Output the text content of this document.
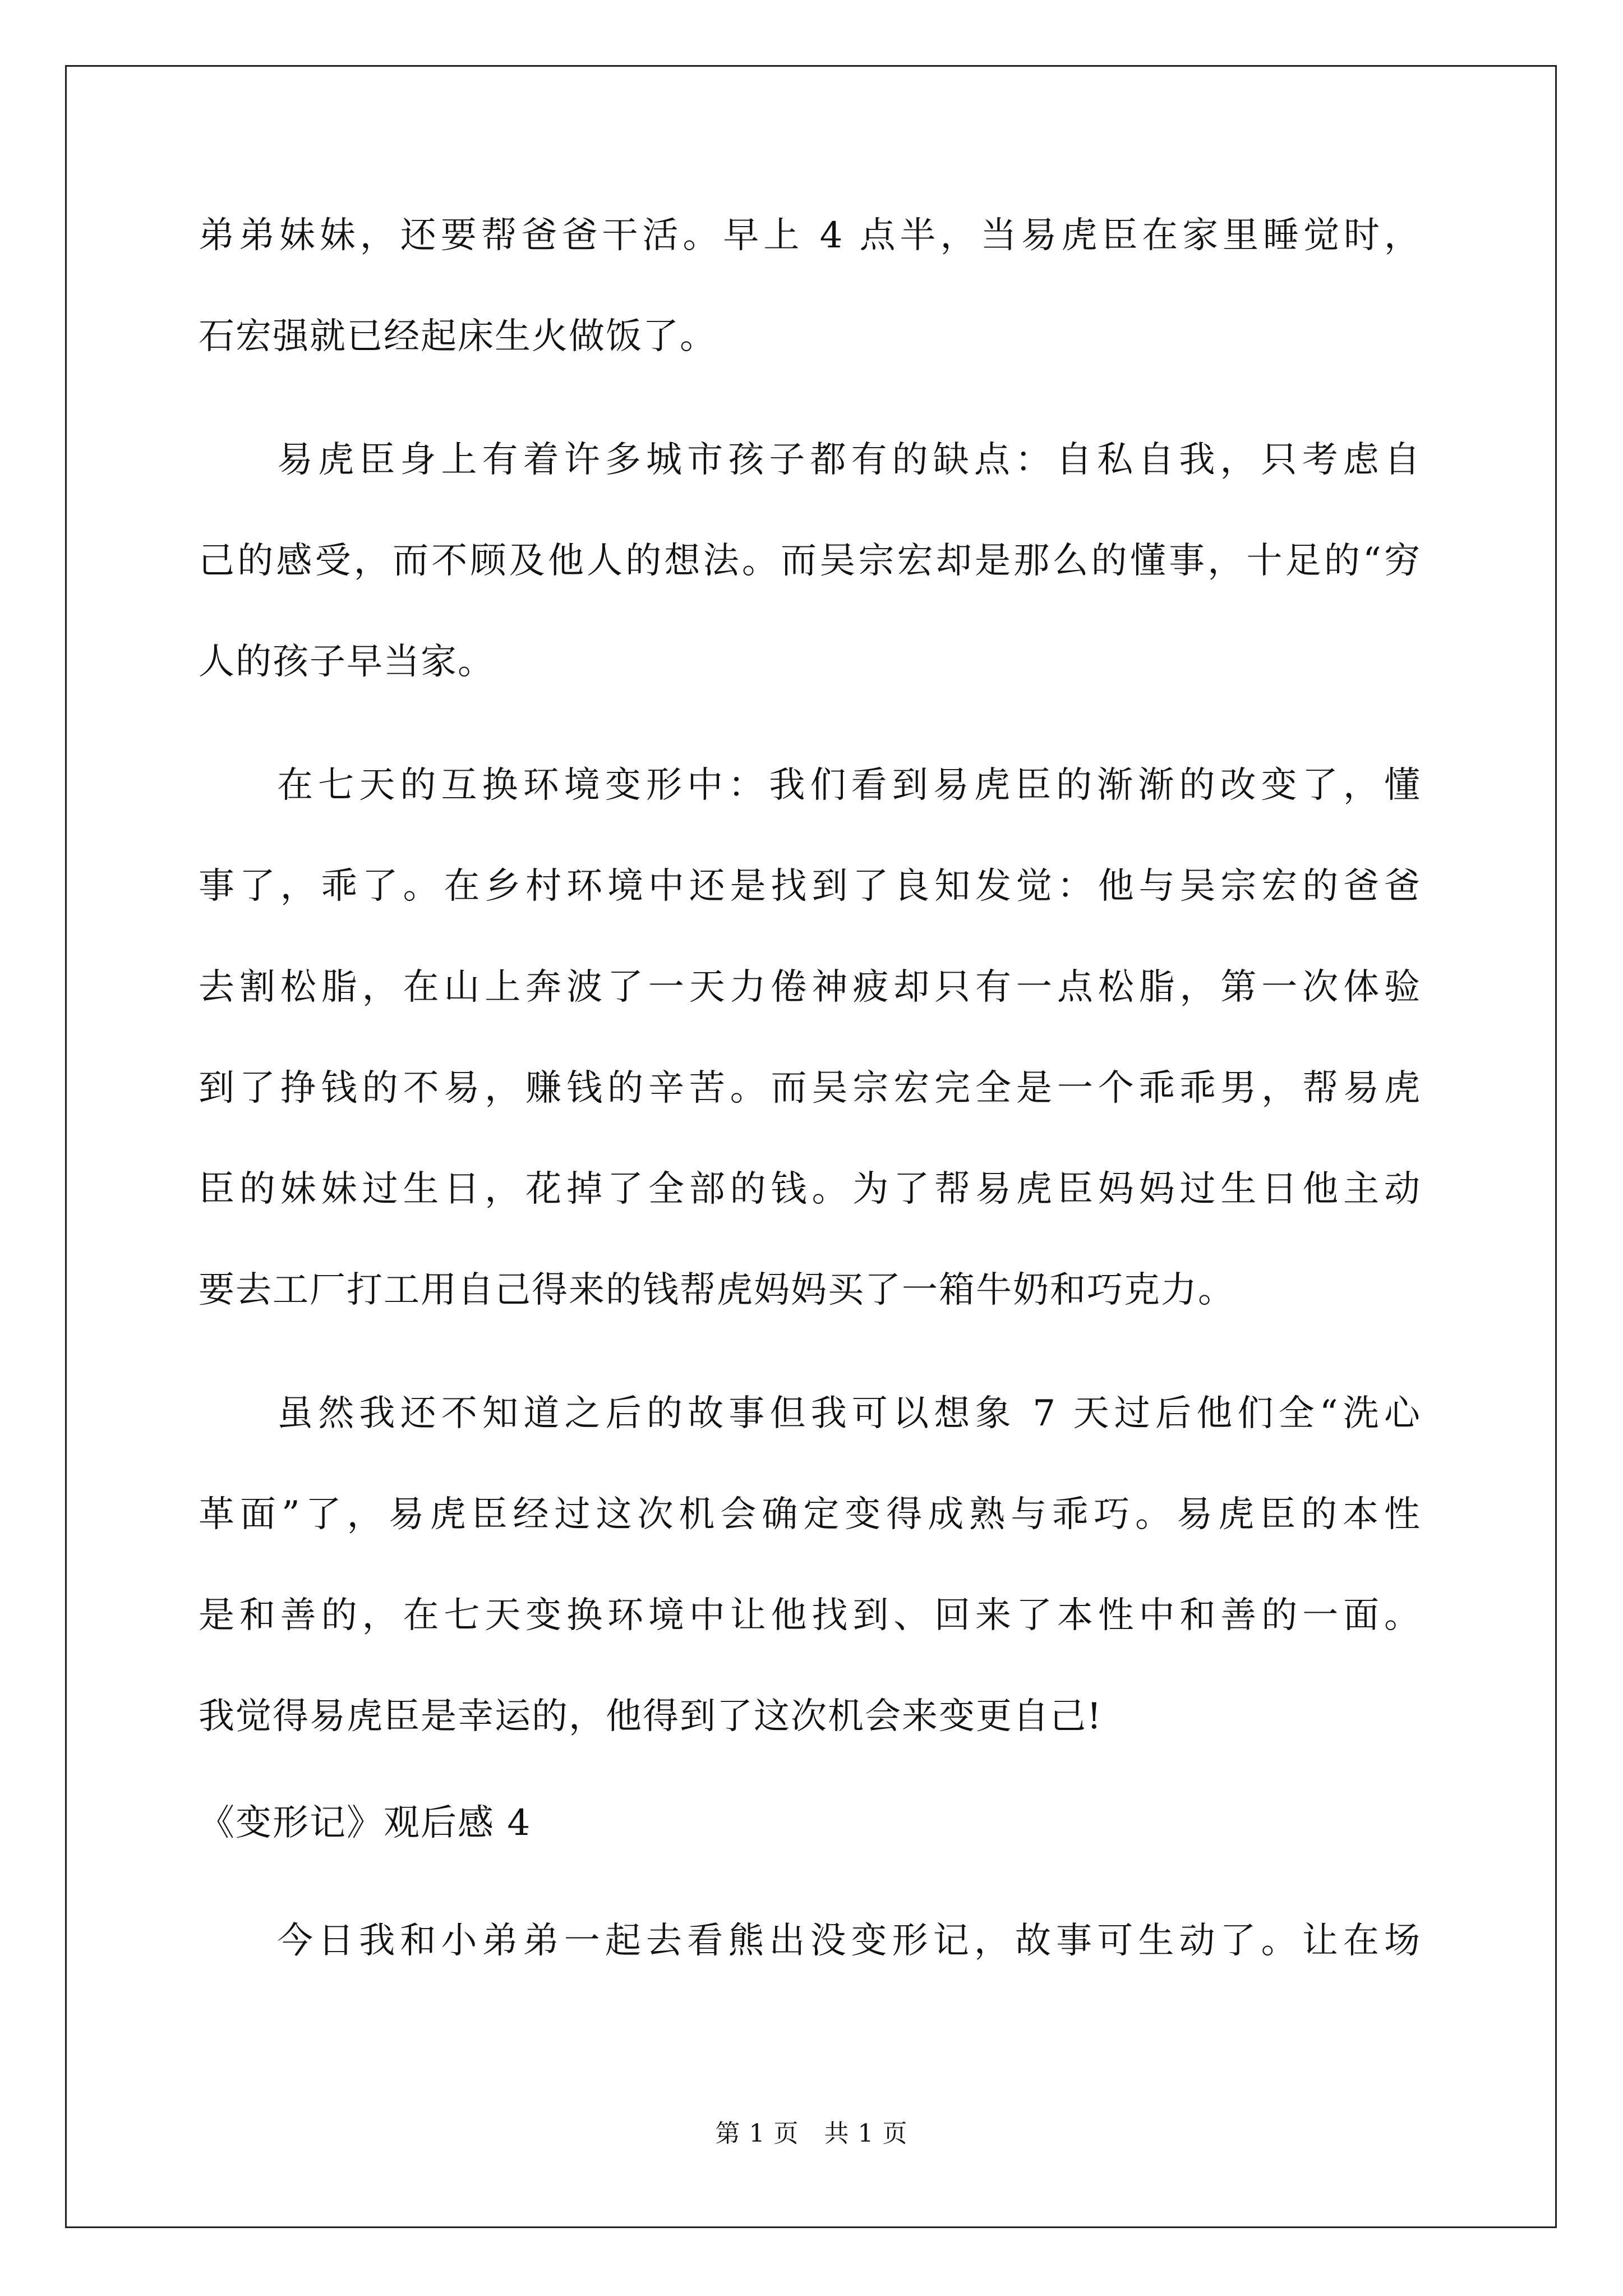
弟弟妹妹，还要帮爸爸干活。早上 4 点半，当易虎臣在家里睡觉时，
石宏强就已经起床生火做饭了。
易虎臣身上有着许多城市孩子都有的缺点：自私自我，只考虑自
己的感受，而不顾及他人的想法。而吴宗宏却是那么的懂事，十足的“穷
人的孩子早当家。
在七天的互换环境变形中：我们看到易虎臣的渐渐的改变了，懂
事了，乖了。在乡村环境中还是找到了良知发觉：他与吴宗宏的爸爸
去割松脂，在山上奔波了一天力倦神疲却只有一点松脂，第一次体验
到了挣钱的不易，赚钱的辛苦。而吴宗宏完全是一个乖乖男，帮易虎
臣的妹妹过生日，花掉了全部的钱。为了帮易虎臣妈妈过生日他主动
要去工厂打工用自己得来的钱帮虎妈妈买了一箱牛奶和巧克力。
虽然我还不知道之后的故事但我可以想象 7 天过后他们全“洗心
革面”了，易虎臣经过这次机会确定变得成熟与乖巧。易虎臣的本性
是和善的，在七天变换环境中让他找到、回来了本性中和善的一面。
我觉得易虎臣是幸运的，他得到了这次机会来变更自己!
《变形记》观后感 4
今日我和小弟弟一起去看熊出没变形记，故事可生动了。让在场
第 1 页　共 1 页
